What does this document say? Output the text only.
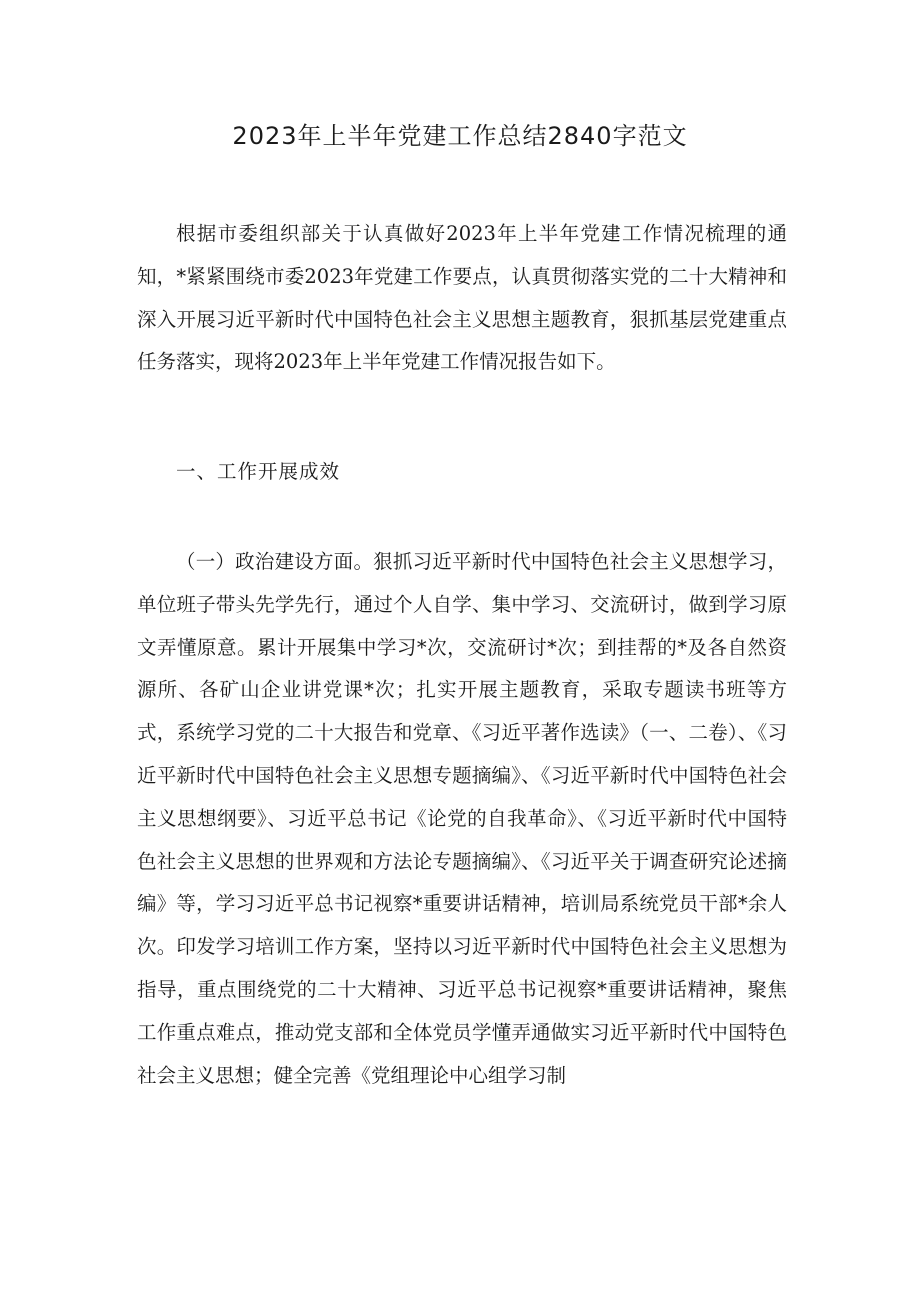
2023年上半年党建工作总结2840字范文

根据市委组织部关于认真做好2023年上半年党建工作情况梳理的通知，*紧紧围绕市委2023年党建工作要点，认真贯彻落实党的二十大精神和深入开展习近平新时代中国特色社会主义思想主题教育，狠抓基层党建重点任务落实，现将2023年上半年党建工作情况报告如下。

一、工作开展成效

（一）政治建设方面。狠抓习近平新时代中国特色社会主义思想学习，单位班子带头先学先行，通过个人自学、集中学习、交流研讨，做到学习原文弄懂原意。累计开展集中学习*次，交流研讨*次；到挂帮的*及各自然资源所、各矿山企业讲党课*次；扎实开展主题教育，采取专题读书班等方式，系统学习党的二十大报告和党章、《习近平著作选读》（一、二卷）、《习近平新时代中国特色社会主义思想专题摘编》、《习近平新时代中国特色社会主义思想纲要》、习近平总书记《论党的自我革命》、《习近平新时代中国特色社会主义思想的世界观和方法论专题摘编》、《习近平关于调查研究论述摘编》等，学习习近平总书记视察*重要讲话精神，培训局系统党员干部*余人次。印发学习培训工作方案，坚持以习近平新时代中国特色社会主义思想为指导，重点围绕党的二十大精神、习近平总书记视察*重要讲话精神，聚焦工作重点难点，推动党支部和全体党员学懂弄通做实习近平新时代中国特色社会主义思想；健全完善《党组理论中心组学习制
